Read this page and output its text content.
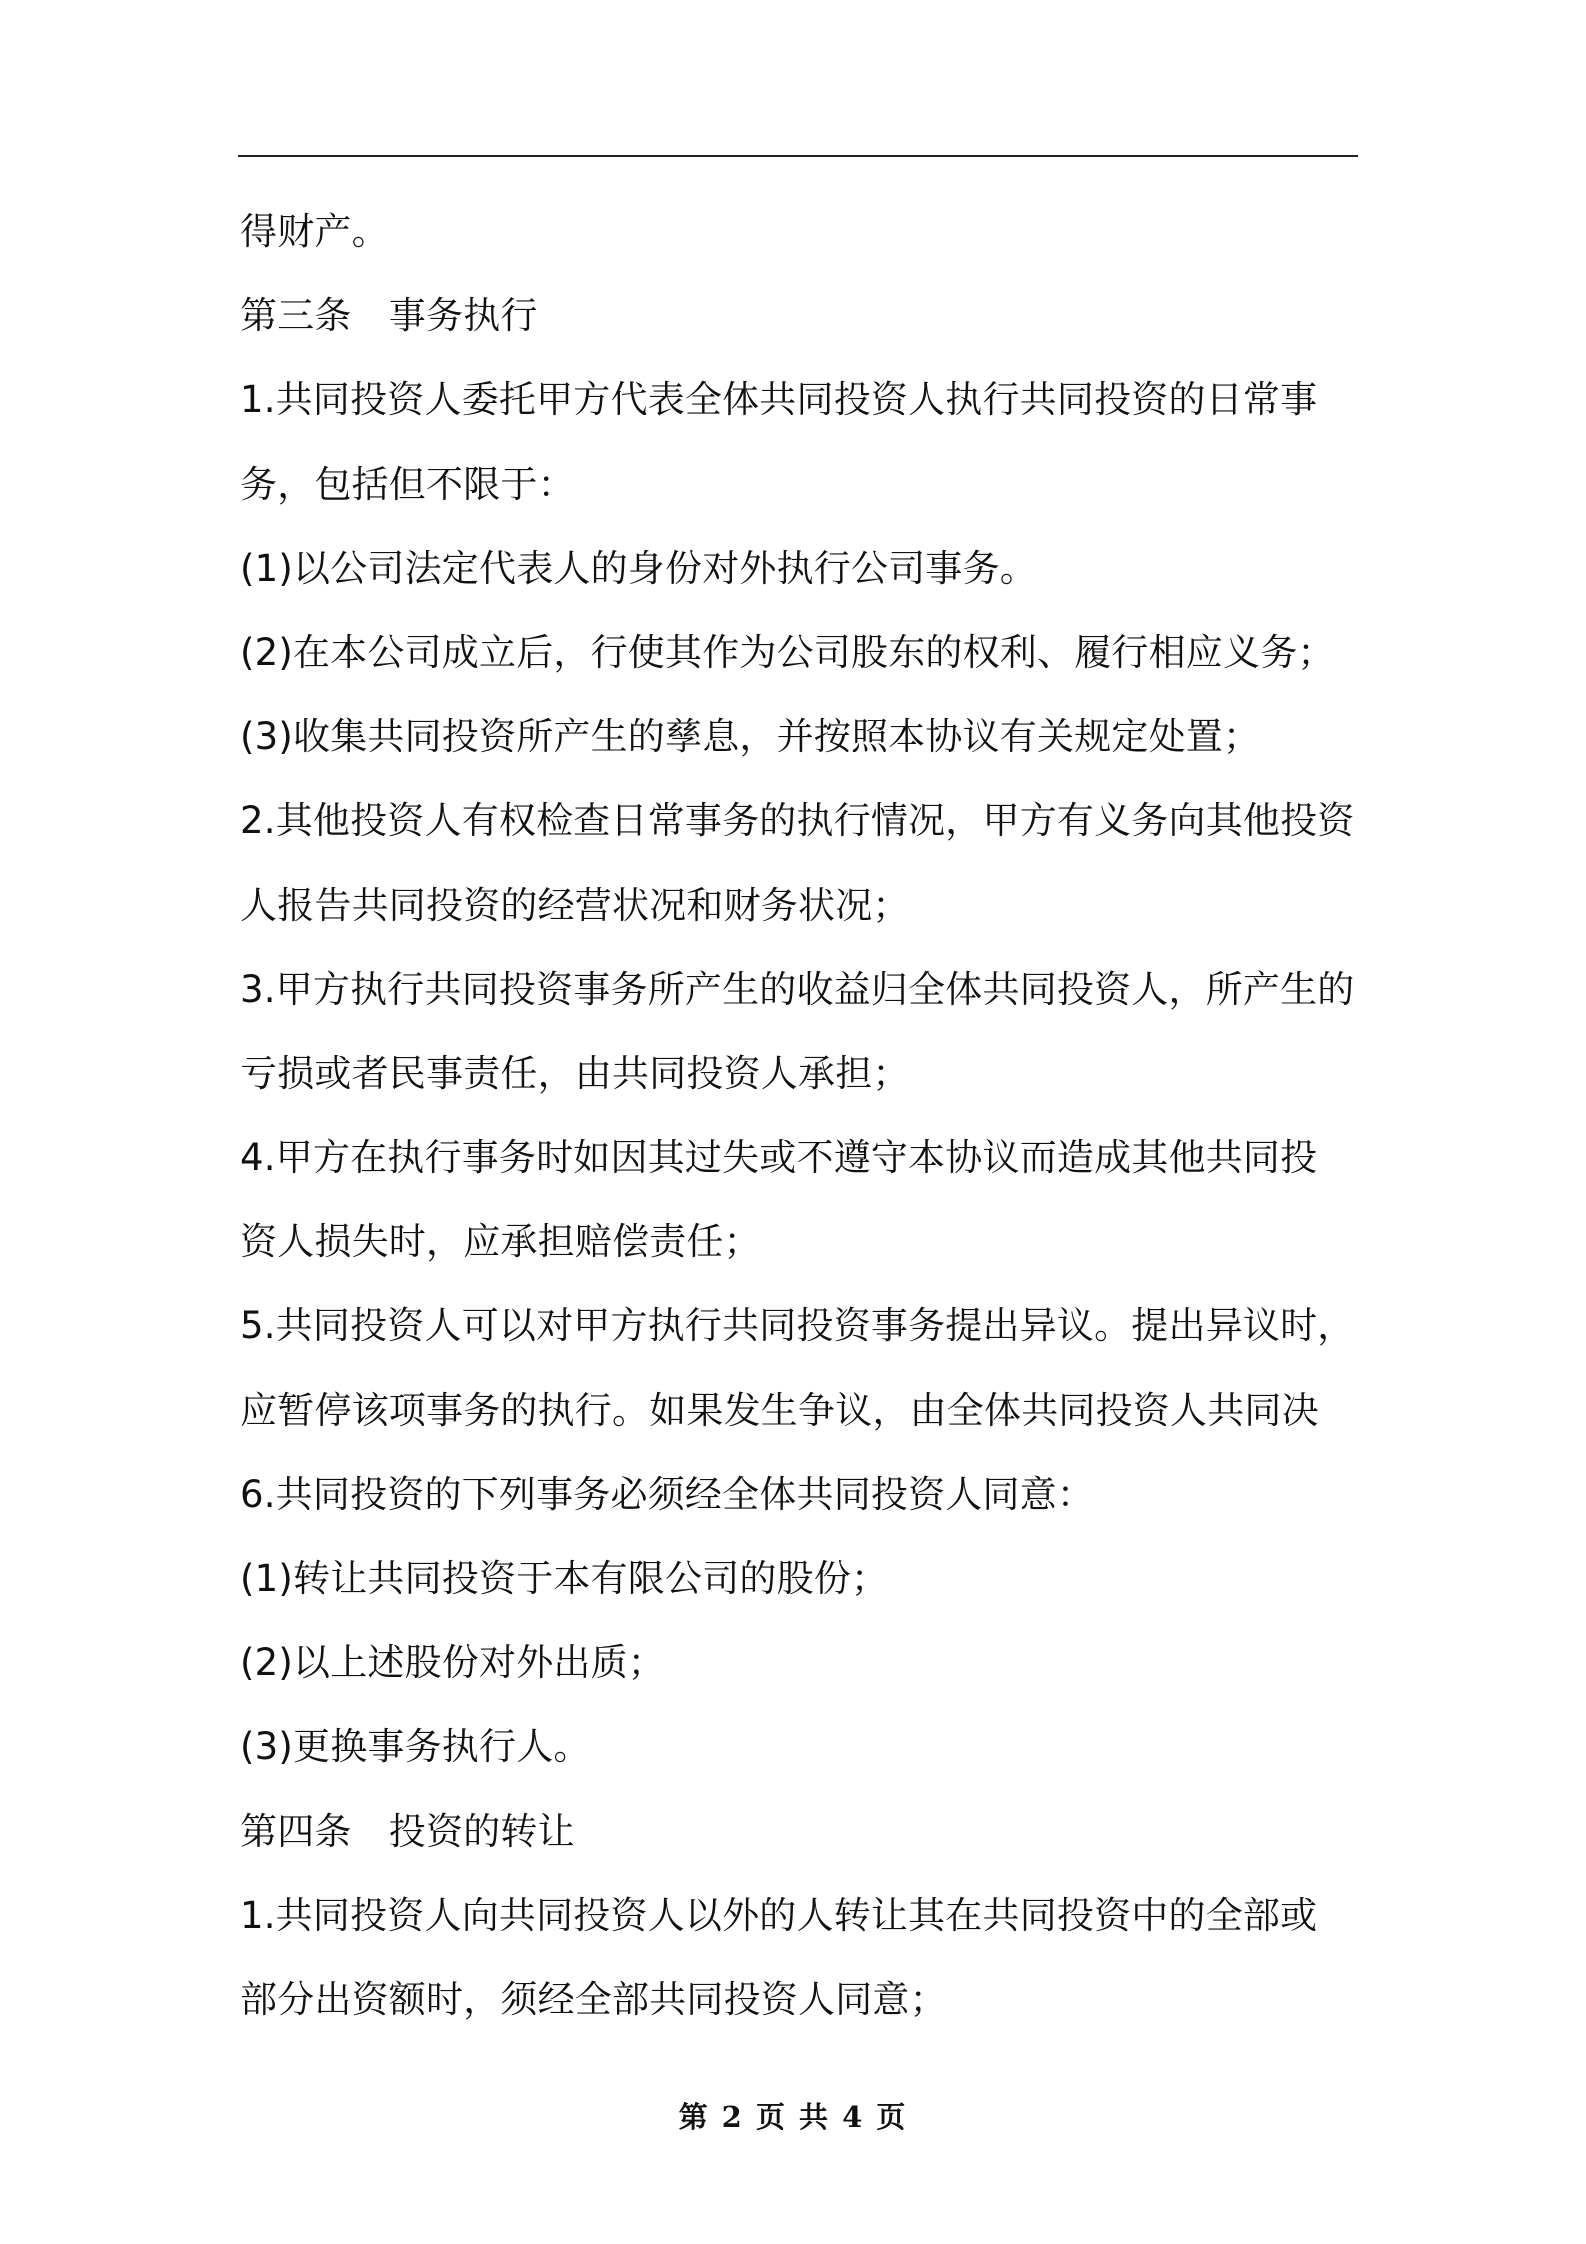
得财产。
第三条　事务执行
1.共同投资人委托甲方代表全体共同投资人执行共同投资的日常事
务，包括但不限于：
(1)以公司法定代表人的身份对外执行公司事务。
(2)在本公司成立后，行使其作为公司股东的权利、履行相应义务；
(3)收集共同投资所产生的孳息，并按照本协议有关规定处置；
2.其他投资人有权检查日常事务的执行情况，甲方有义务向其他投资
人报告共同投资的经营状况和财务状况；
3.甲方执行共同投资事务所产生的收益归全体共同投资人，所产生的
亏损或者民事责任，由共同投资人承担；
4.甲方在执行事务时如因其过失或不遵守本协议而造成其他共同投
资人损失时，应承担赔偿责任；
5.共同投资人可以对甲方执行共同投资事务提出异议。提出异议时，
应暂停该项事务的执行。如果发生争议，由全体共同投资人共同决
6.共同投资的下列事务必须经全体共同投资人同意：
(1)转让共同投资于本有限公司的股份；
(2)以上述股份对外出质；
(3)更换事务执行人。
第四条　投资的转让
1.共同投资人向共同投资人以外的人转让其在共同投资中的全部或
部分出资额时，须经全部共同投资人同意；
第 2 页 共 4 页
